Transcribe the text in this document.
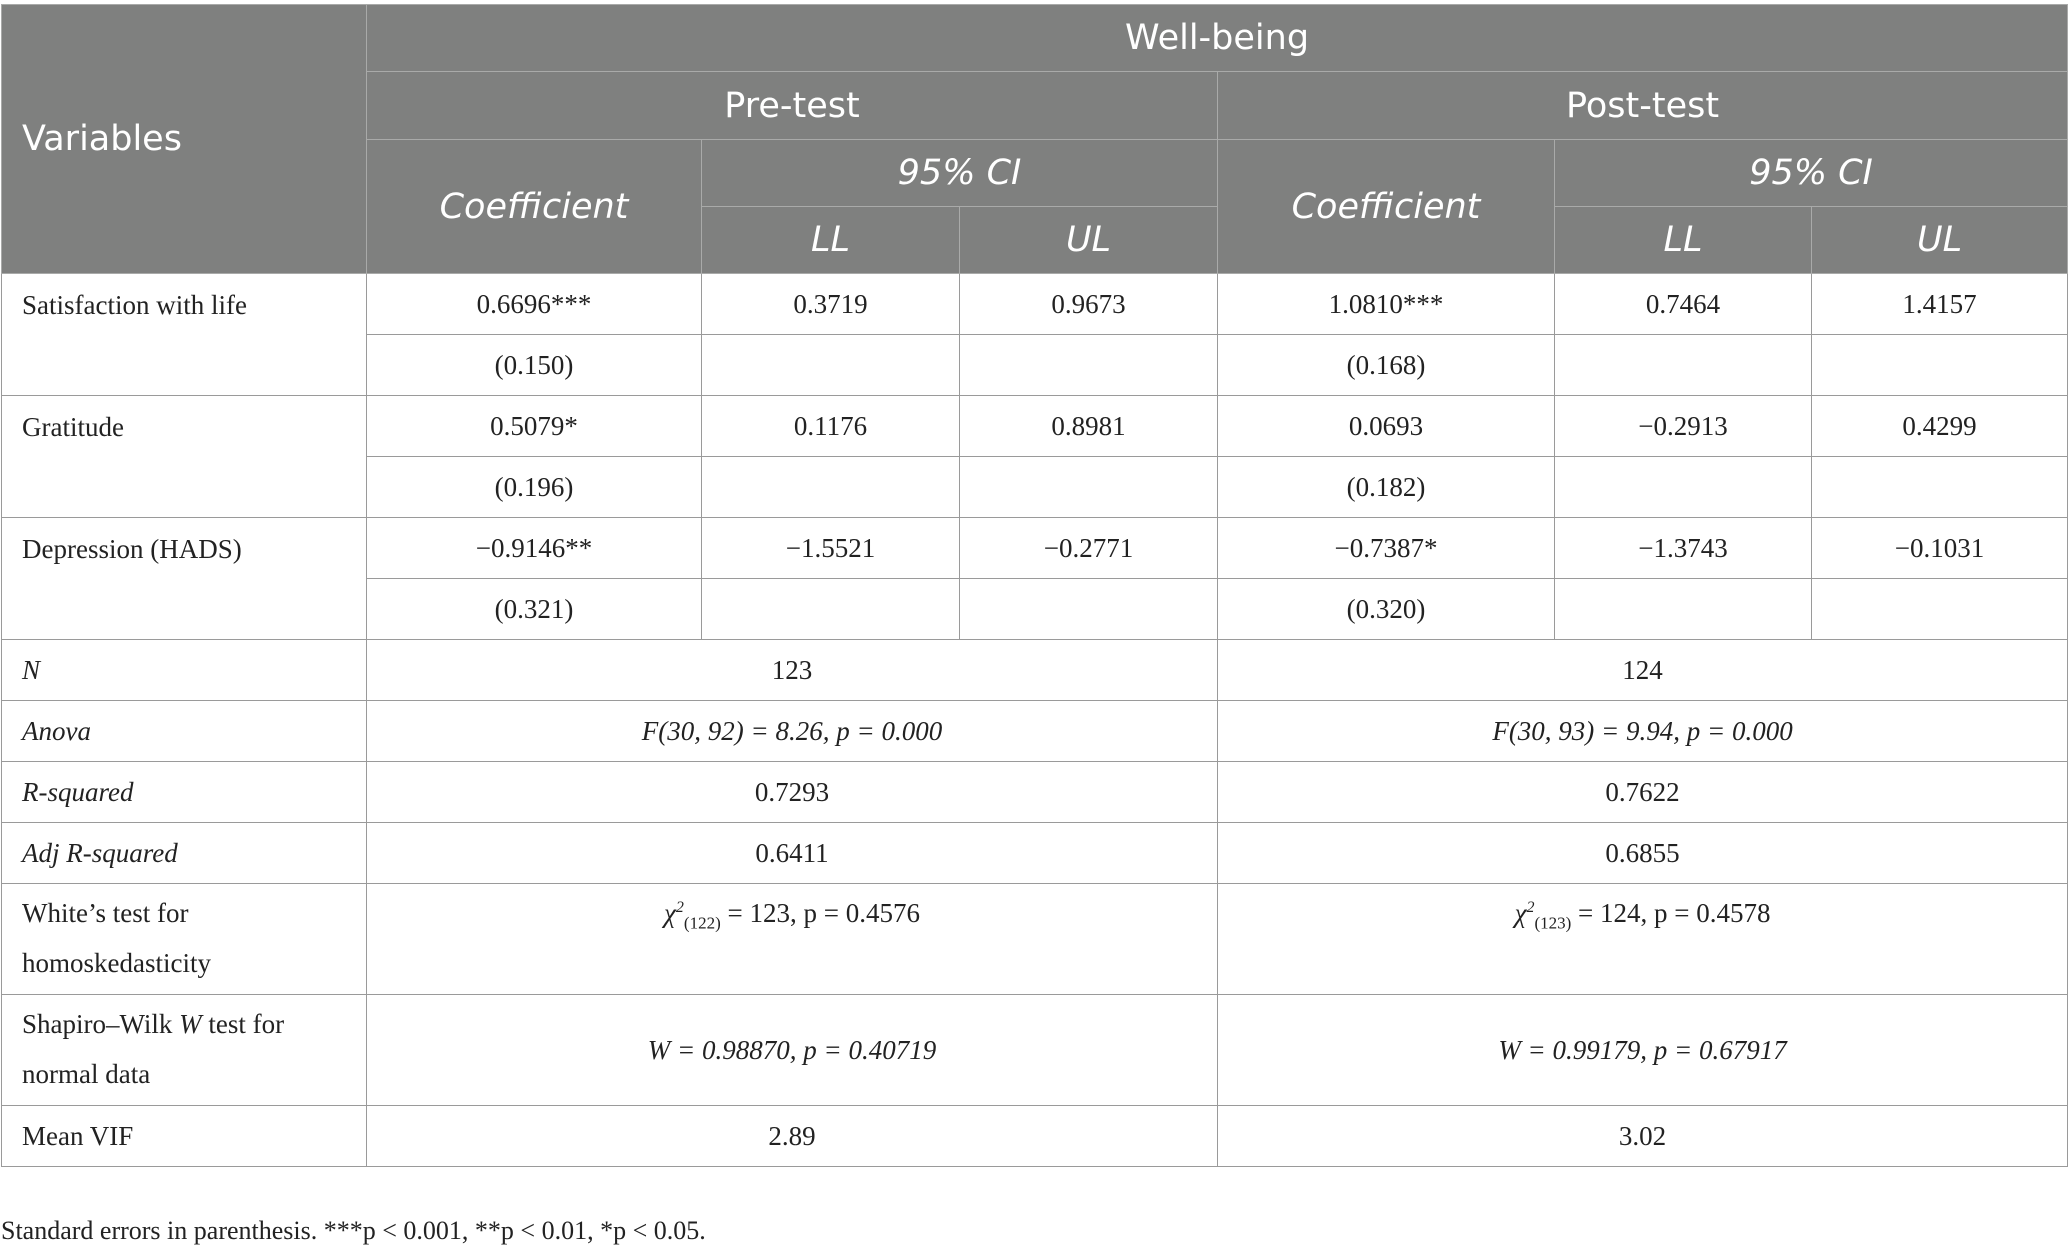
Variables	Well-being					
	Pre-test			Post-test		
	Coefficient	95% CI		Coefficient	95% CI	
		LL	UL		LL	UL
Satisfaction with life	0.6696***	0.3719	0.9673	1.0810***	0.7464	1.4157
	(0.150)			(0.168)		
Gratitude	0.5079*	0.1176	0.8981	0.0693	−0.2913	0.4299
	(0.196)			(0.182)		
Depression (HADS)	−0.9146**	−1.5521	−0.2771	−0.7387*	−1.3743	−0.1031
	(0.321)			(0.320)		
N	123			124		
Anova	F(30, 92) = 8.26, p = 0.000			F(30, 93) = 9.94, p = 0.000		
R-squared	0.7293			0.7622		
Adj R-squared	0.6411			0.6855		
White’s test for homoskedasticity	$\chi^2_{(122)} = 123$, p = 0.4576			$\chi^2_{(123)} = 124$, p = 0.4578		
Shapiro–Wilk W test for normal data	W = 0.98870, p = 0.40719			W = 0.99179, p = 0.67917		
Mean VIF	2.89			3.02		
Standard errors in parenthesis. ***p < 0.001, **p < 0.01, *p < 0.05.
